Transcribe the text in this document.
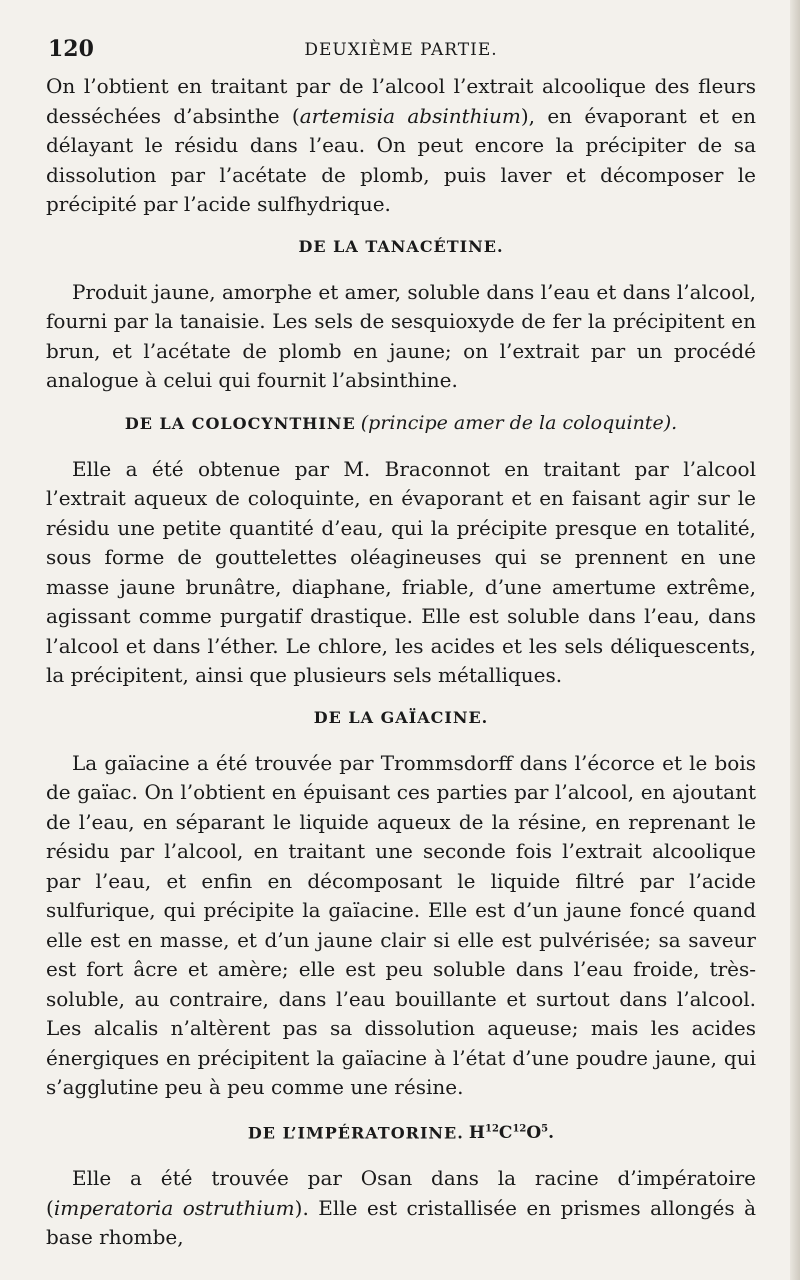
120	DEUXIÈME PARTIE.

On l’obtient en traitant par de l’alcool l’extrait alcoolique des fleurs desséchées d’absinthe (artemisia absinthium), en évaporant et en délayant le résidu dans l’eau. On peut encore la précipiter de sa dissolution par l’acétate de plomb, puis laver et décomposer le précipité par l’acide sulfhydrique.

DE LA TANACÉTINE.

Produit jaune, amorphe et amer, soluble dans l’eau et dans l’alcool, fourni par la tanaisie. Les sels de sesquioxyde de fer la précipitent en brun, et l’acétate de plomb en jaune; on l’extrait par un procédé analogue à celui qui fournit l’absinthine.

DE LA COLOCYNTHINE (principe amer de la coloquinte).

Elle a été obtenue par M. Braconnot en traitant par l’alcool l’extrait aqueux de coloquinte, en évaporant et en faisant agir sur le résidu une petite quantité d’eau, qui la précipite presque en totalité, sous forme de gouttelettes oléagineuses qui se prennent en une masse jaune brunâtre, diaphane, friable, d’une amertume extrême, agissant comme purgatif drastique. Elle est soluble dans l’eau, dans l’alcool et dans l’éther. Le chlore, les acides et les sels déliquescents, la précipitent, ainsi que plusieurs sels métalliques.

DE LA GAÏACINE.

La gaïacine a été trouvée par Trommsdorff dans l’écorce et le bois de gaïac. On l’obtient en épuisant ces parties par l’alcool, en ajoutant de l’eau, en séparant le liquide aqueux de la résine, en reprenant le résidu par l’alcool, en traitant une seconde fois l’extrait alcoolique par l’eau, et enfin en décomposant le liquide filtré par l’acide sulfurique, qui précipite la gaïacine. Elle est d’un jaune foncé quand elle est en masse, et d’un jaune clair si elle est pulvérisée; sa saveur est fort âcre et amère; elle est peu soluble dans l’eau froide, très-soluble, au contraire, dans l’eau bouillante et surtout dans l’alcool. Les alcalis n’altèrent pas sa dissolution aqueuse; mais les acides énergiques en précipitent la gaïacine à l’état d’une poudre jaune, qui s’agglutine peu à peu comme une résine.

DE L’IMPÉRATORINE. $H^{12}C^{12}O^5$.

Elle a été trouvée par Osan dans la racine d’impératoire (imperatoria ostruthium). Elle est cristallisée en prismes allongés à base rhombe,
